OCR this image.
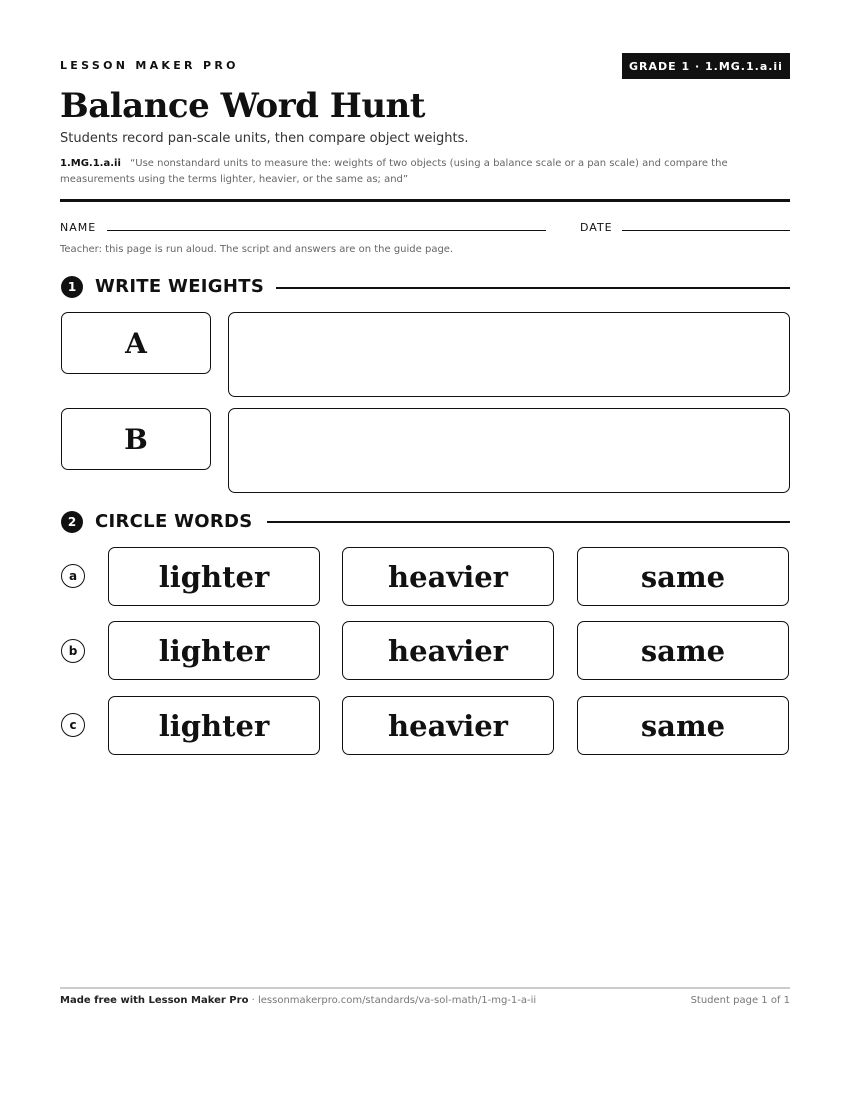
LESSON MAKER PRO	GRADE 1 · 1.MG.1.a.ii
Balance Word Hunt
Students record pan-scale units, then compare object weights.
1.MG.1.a.ii “Use nonstandard units to measure the: weights of two objects (using a balance scale or a pan scale) and compare the measurements using the terms lighter, heavier, or the same as; and”
NAME	DATE
Teacher: this page is run aloud. The script and answers are on the guide page.
1	WRITE WEIGHTS
A
B
2	CIRCLE WORDS
a	lighter	heavier	same
b	lighter	heavier	same
c	lighter	heavier	same
Made free with Lesson Maker Pro · lessonmakerpro.com/standards/va-sol-math/1-mg-1-a-ii	Student page 1 of 1
